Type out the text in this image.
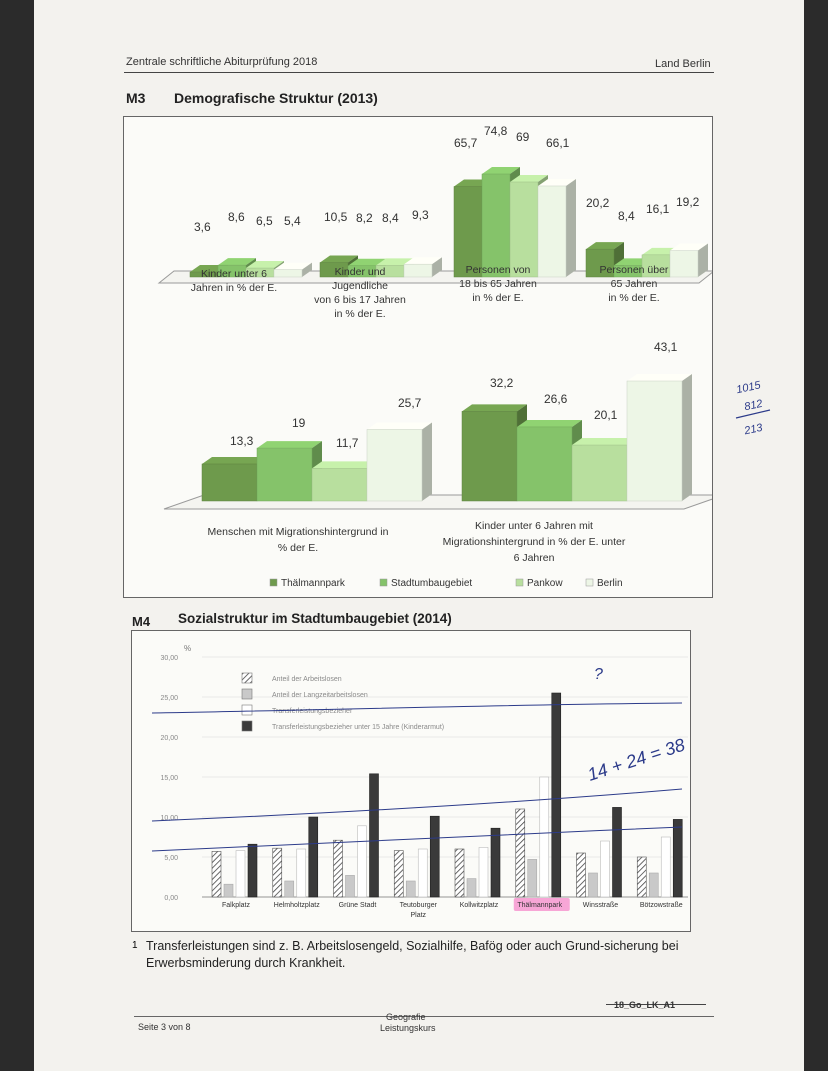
Zentrale schriftliche Abiturprüfung 2018	Land Berlin
M3 Demografische Struktur (2013)
3,6
8,6 6,5 5,4 10,5 8,2 8,4 9,3
65,7
74,8 69 66,1
20,2
8,4 16,1 19,2
Kinder unter 6 Jahren in % der E.
Kinder und Jugendliche von 6 bis 17 Jahren in % der E.
Personen von 18 bis 65 Jahren in % der E.
Personen über 65 Jahren in % der E.
13,3
19
11,7
25,7
32,2
26,6
20,1
43,1
Menschen mit Migrationshintergrund in % der E.
Kinder unter 6 Jahren mit Migrationshintergrund in % der E. unter 6 Jahren
Thälmannpark	Stadtumbaugebiet	Pankow	Berlin
M4 Sozialstruktur im Stadtumbaugebiet (2014)
%
0,00
5,00
10,00
15,00
20,00
25,00
30,00
Falkplatz	Helmholtzplatz	Grüne Stadt	Teutoburger
Platz
Kollwitzplatz	Thälmannpark	Winsstraße	Bötzowstraße
Anteil der Arbeitslosen
Anteil der Langzeitarbeitslosen
Transferleistungsbezieher
Transferleistungsbezieher unter 15 Jahre (Kinderarmut)
14 + 24 = 38
?
1 Transferleistungen sind z. B. Arbeitslosengeld, Sozialhilfe, Bafög oder auch Grund-sicherung bei Erwerbsminderung durch Krankheit.
1015
812
213
18_Go_LK_A1
Seite 3 von 8
Geografie
Leistungskurs
